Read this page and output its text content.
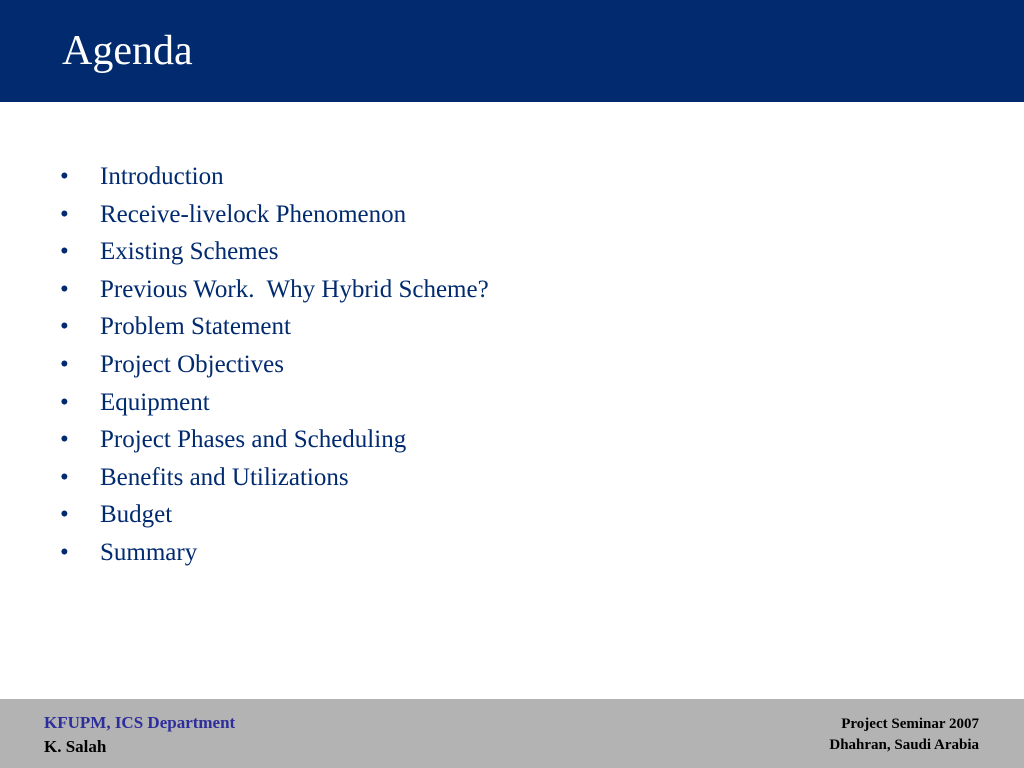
Agenda
•	Introduction
•	Receive-livelock Phenomenon
•	Existing Schemes
•	Previous Work.  Why Hybrid Scheme?
•	Problem Statement
•	Project Objectives
•	Equipment
•	Project Phases and Scheduling
•	Benefits and Utilizations
•	Budget
•	Summary
KFUPM, ICS Department
K. Salah
Project Seminar 2007
Dhahran, Saudi Arabia
